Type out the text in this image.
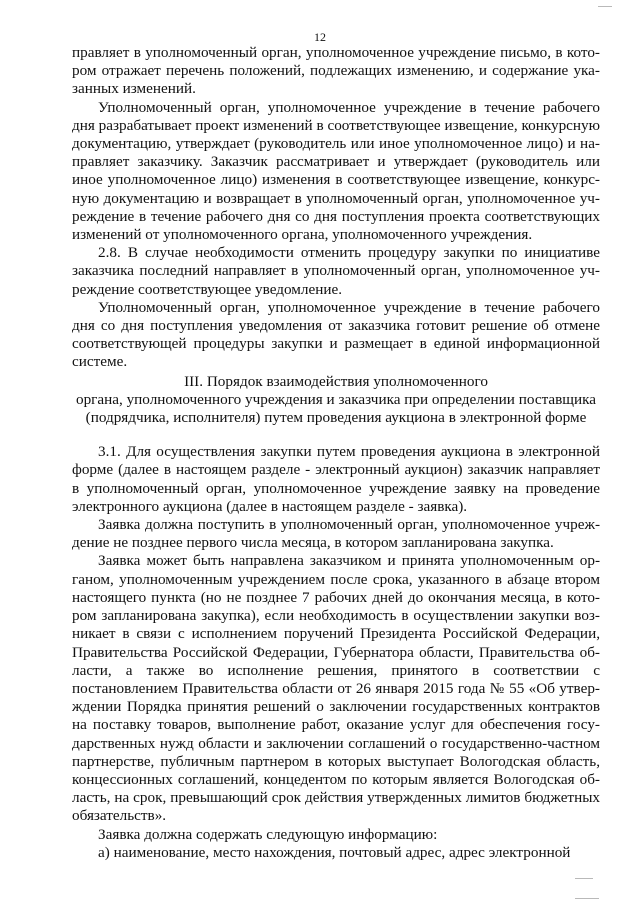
12

правляет в уполномоченный орган, уполномоченное учреждение письмо, в кото-ром отражает перечень положений, подлежащих изменению, и содержание ука-занных изменений.

Уполномоченный орган, уполномоченное учреждение в течение рабочего дня разрабатывает проект изменений в соответствующее извещение, конкурсную документацию, утверждает (руководитель или иное уполномоченное лицо) и на-правляет заказчику. Заказчик рассматривает и утверждает (руководитель или иное уполномоченное лицо) изменения в соответствующее извещение, конкурс-ную документацию и возвращает в уполномоченный орган, уполномоченное уч-реждение в течение рабочего дня со дня поступления проекта соответствующих изменений от уполномоченного органа, уполномоченного учреждения.

2.8. В случае необходимости отменить процедуру закупки по инициативе заказчика последний направляет в уполномоченный орган, уполномоченное уч-реждение соответствующее уведомление.

Уполномоченный орган, уполномоченное учреждение в течение рабочего дня со дня поступления уведомления от заказчика готовит решение об отмене соответствующей процедуры закупки и размещает в единой информационной системе.

III. Порядок взаимодействия уполномоченного
органа, уполномоченного учреждения и заказчика при определении поставщика
(подрядчика, исполнителя) путем проведения аукциона в электронной форме

3.1. Для осуществления закупки путем проведения аукциона в электронной форме (далее в настоящем разделе - электронный аукцион) заказчик направляет в уполномоченный орган, уполномоченное учреждение заявку на проведение электронного аукциона (далее в настоящем разделе - заявка).

Заявка должна поступить в уполномоченный орган, уполномоченное учреж-дение не позднее первого числа месяца, в котором запланирована закупка.

Заявка может быть направлена заказчиком и принята уполномоченным ор-ганом, уполномоченным учреждением после срока, указанного в абзаце втором настоящего пункта (но не позднее 7 рабочих дней до окончания месяца, в кото-ром запланирована закупка), если необходимость в осуществлении закупки воз-никает в связи с исполнением поручений Президента Российской Федерации, Правительства Российской Федерации, Губернатора области, Правительства об-ласти, а также во исполнение решения, принятого в соответствии с постановлением Правительства области от 26 января 2015 года № 55 «Об утвер-ждении Порядка принятия решений о заключении государственных контрактов на поставку товаров, выполнение работ, оказание услуг для обеспечения госу-дарственных нужд области и заключении соглашений о государственно-частном партнерстве, публичным партнером в которых выступает Вологодская область, концессионных соглашений, концедентом по которым является Вологодская об-ласть, на срок, превышающий срок действия утвержденных лимитов бюджетных обязательств».

Заявка должна содержать следующую информацию:

а) наименование, место нахождения, почтовый адрес, адрес электронной
